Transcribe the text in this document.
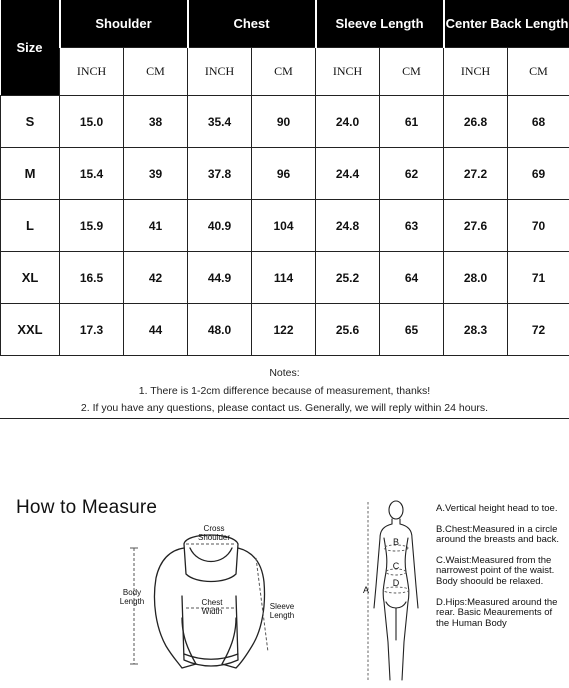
Size	Shoulder		Chest		Sleeve Length		Center Back Length	
	INCH	CM	INCH	CM	INCH	CM	INCH	CM
S	15.0	38	35.4	90	24.0	61	26.8	68
M	15.4	39	37.8	96	24.4	62	27.2	69
L	15.9	41	40.9	104	24.8	63	27.6	70
XL	16.5	42	44.9	114	25.2	64	28.0	71
XXL	17.3	44	48.0	122	25.6	65	28.3	72
Notes:
1. There is 1-2cm difference because of measurement, thanks!
2. If you have any questions, please contact us. Generally, we will reply within 24 hours.
How to Measure
Cross
Shoulder
Body
Length	Chest
Width
Sleeve
Length
A
B
C
D
A.Vertical height head to toe.
B.Chest:Measured in a circle around the breasts and back.
C.Waist:Measured from the narrowest point of the waist. Body shoould be relaxed.
D.Hips:Measured around the rear. Basic Meaurements of the Human Body
